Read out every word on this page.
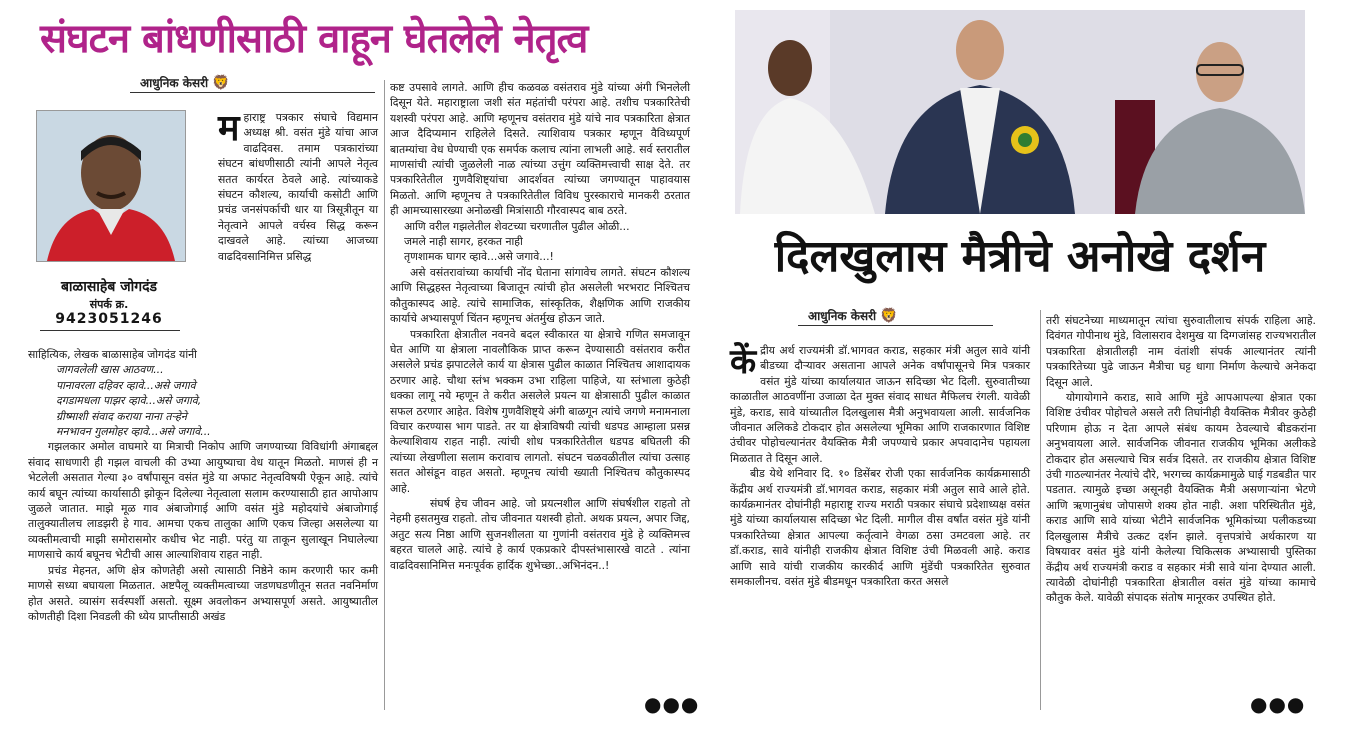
संघटन बांधणीसाठी वाहून घेतलेले नेतृत्व
आधुनिक केसरी 🦁
बाळासाहेब जोगदंड
संपर्क क्र.
9423051246
महाराष्ट्र पत्रकार संघाचे विद्यमान अध्यक्ष श्री. वसंत मुंडे यांचा आज वाढदिवस. तमाम पत्रकारांच्या संघटन बांधणीसाठी त्यांनी आपले नेतृत्व सतत कार्यरत ठेवले आहे. त्यांच्याकडे संघटन कौशल्य, कार्याची कसोटी आणि प्रचंड जनसंपर्काची धार या त्रिसूत्रीतून या नेतृत्वाने आपले वर्चस्व सिद्ध करून दाखवले आहे. त्यांच्या आजच्या वाढदिवसानिमित्त प्रसिद्ध

साहित्यिक, लेखक बाळासाहेब जोगदंड यांनी

जागवलेली खास आठवण...
पानावरला दहिवर व्हावे...असे जगावे
दगडामधला पाझर व्हावे...असे जगावे,
ग्रीष्माशी संवाद कराया नाना तऱ्हेने
मनभावन गुलमोहर व्हावे...असे जगावे...

गझलकार अमोल वाघमारे या मित्राची निकोप आणि जगण्याच्या विविधांगी अंगाबद्दल संवाद साधणारी ही गझल वाचली की उभ्या आयुष्याचा वेध यातून मिळतो. माणसं ही न भेटलेली असतात गेल्या ३० वर्षांपासून वसंत मुंडे या अफाट नेतृत्वविषयी ऐकून आहे. त्यांचे कार्य बघून त्यांच्या कार्यासाठी झोकून दिलेल्या नेतृत्वाला सलाम करण्यासाठी हात आपोआप जुळले जातात. माझे मूळ गाव अंबाजोगाई आणि वसंत मुंडे महोदयांचे अंबाजोगाई तालुक्यातीलच लाडझरी हे गाव. आमचा एकच तालुका आणि एकच जिल्हा असलेल्या या व्यक्तीमत्वाची माझी समोरासमोर कधीच भेट नाही. परंतु या ताकून सुलाखून निघालेल्या माणसाचे कार्य बघूनच भेटीची आस आल्याशिवाय राहत नाही.

प्रचंड मेहनत, अणि क्षेत्र कोणतेही असो त्यासाठी निष्ठेने काम करणारी फार कमी माणसे सध्या बघायला मिळतात. अष्टपैलू व्यक्तीमत्वाच्या जडणघडणीतून सतत नवनिर्माण होत असते. व्यासंग सर्वस्पर्शी असतो. सूक्ष्म अवलोकन अभ्यासपूर्ण असते. आयुष्यातील कोणतीही दिशा निवडली की ध्येय प्राप्तीसाठी अखंड

कष्ट उपसावे लागते. आणि हीच कळवळ वसंतराव मुंडे यांच्या अंगी भिनलेली दिसून येते. महाराष्ट्राला जशी संत महंतांची परंपरा आहे. तशीच पत्रकारितेची यशस्वी परंपरा आहे. आणि म्हणूनच वसंतराव मुंडे यांचे नाव पत्रकारिता क्षेत्रात आज दैदिप्यमान राहिलेले दिसते. त्याशिवाय पत्रकार म्हणून वैविध्यपूर्ण बातम्यांचा वेध घेण्याची एक समर्पक कलाच त्यांना लाभली आहे. सर्व स्तरातील माणसांची त्यांची जुळलेली नाळ त्यांच्या उत्तुंग व्यक्तिमत्त्वाची साक्ष देते. तर पत्रकारितेतील गुणवैशिष्ट्यांचा आदर्शवत त्यांच्या जगण्यातून पाहावयास मिळतो. आणि म्हणूनच ते पत्रकारितेतील विविध पुरस्काराचे मानकरी ठरतात ही आमच्यासारख्या अनोळखी मित्रांसाठी गौरवास्पद बाब ठरते.

आणि वरील गझलेतील शेवटच्या चरणातील पुढील ओळी...
जमले नाही सागर, हरकत नाही
तृणशामक घागर व्हावे...असे जगावे...!

असे वसंतरावांच्या कार्याची नोंद घेताना सांगावेच लागते. संघटन कौशल्य आणि सिद्धहस्त नेतृत्वाच्या बिजातून त्यांची होत असलेली भरभराट निश्चितच कौतुकास्पद आहे. त्यांचे सामाजिक, सांस्कृतिक, शैक्षणिक आणि राजकीय कार्याचे अभ्यासपूर्ण चिंतन म्हणूनच अंतर्मुख होऊन जाते.

पत्रकारिता क्षेत्रातील नवनवे बदल स्वीकारत या क्षेत्राचे गणित समजावून घेत आणि या क्षेत्राला नावलौकिक प्राप्त करून देण्यासाठी वसंतराव करीत असलेले प्रचंड झपाटलेले कार्य या क्षेत्रास पुढील काळात निश्चितच आशादायक ठरणार आहे. चौथा स्तंभ भक्कम उभा राहिला पाहिजे, या स्तंभाला कुठेही धक्का लागू नये म्हणून ते करीत असलेले प्रयत्न या क्षेत्रासाठी पुढील काळात सफल ठरणार आहेत. विशेष गुणवैशिष्ट्ये अंगी बाळगून त्यांचे जगणे मनामनाला विचार करण्यास भाग पाडते. तर या क्षेत्राविषयी त्यांची धडपड आम्हाला प्रसन्न केल्याशिवाय राहत नाही. त्यांची शोध पत्रकारितेतील धडपड बघितली की त्यांच्या लेखणीला सलाम करावाच लागतो. संघटन चळवळीतील त्यांचा उत्साह सतत ओसंडून वाहत असतो. म्हणूनच त्यांची ख्याती निश्चितच कौतुकास्पद आहे.

संघर्ष हेच जीवन आहे. जो प्रयत्नशील आणि संघर्षशील राहतो तो नेहमी हसतमुख राहतो. तोच जीवनात यशस्वी होतो. अथक प्रयत्न, अपार जिद्द, अतुट सत्य निष्ठा आणि सुजनशीलता या गुणांनी वसंतराव मुंडे हे व्यक्तिमत्त्व बहरत चालले आहे. त्यांचे हे कार्य एकप्रकारे दीपस्तंभासारखे वाटते . त्यांना वाढदिवसानिमित्त मनःपूर्वक हार्दिक शुभेच्छा..अभिनंदन..!

●●●
दिलखुलास मैत्रीचे अनोखे दर्शन
आधुनिक केसरी 🦁
केंद्रीय अर्थ राज्यमंत्री डॉ.भागवत कराड, सहकार मंत्री अतुल सावे यांनी बीडच्या दौऱ्यावर असताना आपले अनेक वर्षांपासूनचे मित्र पत्रकार वसंत मुंडे यांच्या कार्यालयात जाऊन सदिच्छा भेट दिली. सुरुवातीच्या काळातील आठवणींना उजाळा देत मुक्त संवाद साधत मैफिलच रंगली. यावेळी मुंडे, कराड, सावे यांच्यातील दिलखुलास मैत्री अनुभवायला आली. सार्वजनिक जीवनात अलिकडे टोकदार होत असलेल्या भूमिका आणि राजकारणात विशिष्ट उंचीवर पोहोचल्यानंतर वैयक्तिक मैत्री जपण्याचे प्रकार अपवादानेच पहायला मिळतात ते दिसून आले.

बीड येथे शनिवार दि. १० डिसेंबर रोजी एका सार्वजनिक कार्यक्रमासाठी केंद्रीय अर्थ राज्यमंत्री डॉ.भागवत कराड, सहकार मंत्री अतुल सावे आले होते. कार्यक्रमानंतर दोघांनीही महाराष्ट्र राज्य मराठी पत्रकार संघाचे प्रदेशाध्यक्ष वसंत मुंडे यांच्या कार्यालयास सदिच्छा भेट दिली. मागील वीस वर्षांत वसंत मुंडे यांनी पत्रकारितेच्या क्षेत्रात आपल्या कर्तृत्वाने वेगळा ठसा उमटवला आहे. तर डॉ.कराड, सावे यांनीही राजकीय क्षेत्रात विशिष्ट उंची मिळवली आहे. कराड आणि सावे यांची राजकीय कारकीर्द आणि मुंडेंची पत्रकारितेत सुरुवात समकालीनच. वसंत मुंडे बीडमधून पत्रकारिता करत असले

तरी संघटनेच्या माध्यमातून त्यांचा सुरुवातीलाच संपर्क राहिला आहे. दिवंगत गोपीनाथ मुंडे, विलासराव देशमुख या दिग्गजांसह राज्यभरातील पत्रकारिता क्षेत्रातीलही नाम वंतांशी संपर्क आल्यानंतर त्यांनी पत्रकारितेच्या पुढे जाऊन मैत्रीचा घट्ट धागा निर्माण केल्याचे अनेकदा दिसून आले.

योगायोगाने कराड, सावे आणि मुंडे आपआपल्या क्षेत्रात एका विशिष्ट उंचीवर पोहोचले असले तरी तिघांनीही वैयक्तिक मैत्रीवर कुठेही परिणाम होऊ न देता आपले संबंध कायम ठेवल्याचे बीडकरांना अनुभवायला आले. सार्वजनिक जीवनात राजकीय भूमिका अलीकडे टोकदार होत असल्याचे चित्र सर्वत्र दिसते. तर राजकीय क्षेत्रात विशिष्ट उंची गाठल्यानंतर नेत्यांचे दौरे, भरगच्च कार्यक्रमामुळे घाई गडबडीत पार पडतात. त्यामुळे इच्छा असूनही वैयक्तिक मैत्री असणाऱ्यांना भेटणे आणि ऋणानुबंध जोपासणे शक्य होत नाही. अशा परिस्थितीत मुंडे, कराड आणि सावे यांच्या भेटीने सार्वजनिक भूमिकांच्या पलीकडच्या दिलखुलास मैत्रीचे उत्कट दर्शन झाले. वृत्तपत्रांचे अर्थकारण या विषयावर वसंत मुंडे यांनी केलेल्या चिकित्सक अभ्यासाची पुस्तिका केंद्रीय अर्थ राज्यमंत्री कराड व सहकार मंत्री सावे यांना देण्यात आली. त्यावेळी दोघांनीही पत्रकारिता क्षेत्रातील वसंत मुंडे यांच्या कामाचे कौतुक केले. यावेळी संपादक संतोष मानूरकर उपस्थित होते.

●●●
